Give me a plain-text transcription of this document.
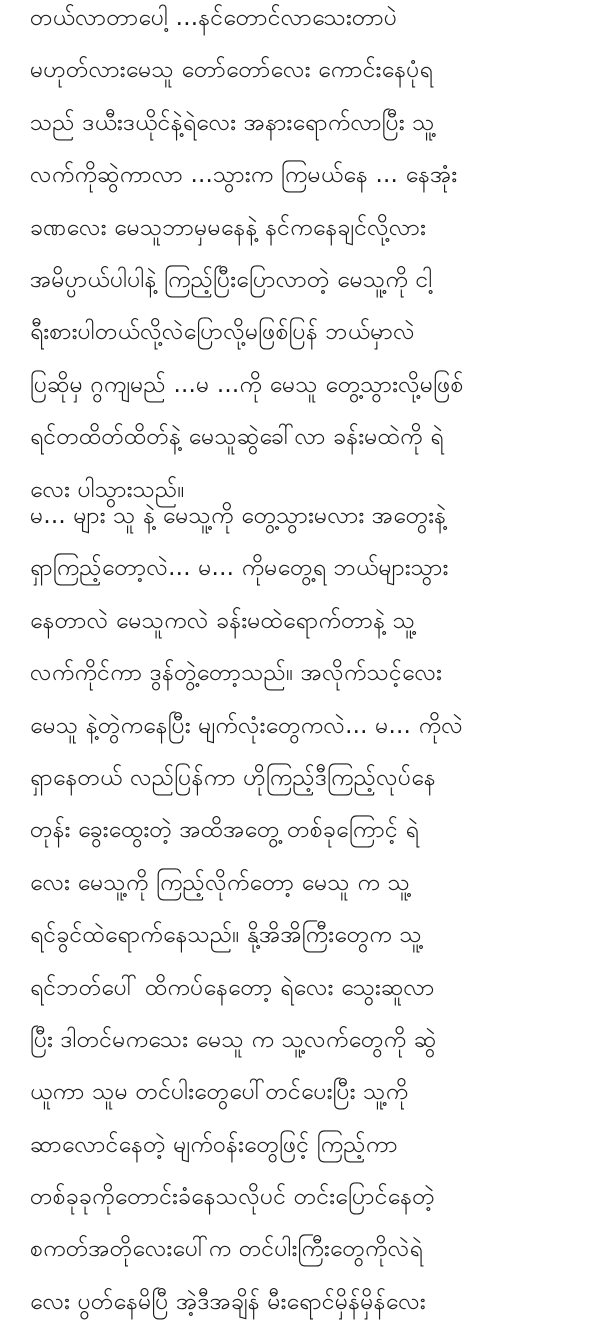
တယ်လာတာပေါ့ ...နင်တောင်လာသေးတာပဲ
မဟုတ်လားမေသူ တော်တော်လေး ကောင်းနေပုံရ
သည် ဒယီးဒယိုင်နဲ့ရဲလေး အနားရောက်လာပြီး သူ့
လက်ကိုဆွဲကာလာ ...သွားက ကြမယ်နေ ... နေအုံး
ခဏလေး မေသူဘာမှမနေနဲ့ နင်ကနေချင်လို့လား
အမိပ္ပာယ်ပါပါနဲ့ ကြည့်ပြီးပြောလာတဲ့ မေသူ့ကို ငါ့
ရီးစားပါတယ်လို့လဲပြောလို့မဖြစ်ပြန် ဘယ်မှာလဲ
ပြဆိုမှ ဂွကျမည် ...မ ...ကို မေသူ တွေ့သွားလို့မဖြစ်
ရင်တထိတ်ထိတ်နဲ့ မေသူဆွဲခေါ်လာ ခန်းမထဲကို ရဲ
လေး ပါသွားသည်။
မ... များ သူ နဲ့ မေသူ့ကို တွေ့သွားမလား အတွေးနဲ့
ရှာကြည့်တော့လဲ... မ... ကိုမတွေ့ရ ဘယ်များသွား
နေတာလဲ မေသူကလဲ ခန်းမထဲရောက်တာနဲ့ သူ့
လက်ကိုင်ကာ ဒွန်တွဲ့တော့သည်။ အလိုက်သင့်လေး
မေသူ နဲ့တွဲကနေပြီး မျက်လုံးတွေကလဲ... မ... ကိုလဲ
ရှာနေတယ် လည်ပြန်ကာ ဟိုကြည့်ဒီကြည့်လုပ်နေ
တုန်း ခွေးထွေးတဲ့ အထိအတွေ့ တစ်ခုကြောင့် ရဲ
လေး မေသူ့ကို ကြည့်လိုက်တော့ မေသူ က သူ့
ရင်ခွင်ထဲရောက်နေသည်။ နို့အိအိကြီးတွေက သူ့
ရင်ဘတ်ပေါ် ထိကပ်နေတော့ ရဲလေး သွေးဆူလာ
ပြီး ဒါတင်မကသေး မေသူ က သူ့လက်တွေကို ဆွဲ
ယူကာ သူမ တင်ပါးတွေပေါ်တင်ပေးပြီး သူ့ကို
ဆာလောင်နေတဲ့ မျက်ဝန်းတွေဖြင့် ကြည့်ကာ
တစ်ခုခုကိုတောင်းခံနေသလိုပင် တင်းပြောင်နေတဲ့
စကတ်အတိုလေးပေါ်က တင်ပါးကြီးတွေကိုလဲရဲ
လေး ပွတ်နေမိပြီ အဲ့ဒီအချိန် မီးရောင်မှိန်မှိန်လေး
